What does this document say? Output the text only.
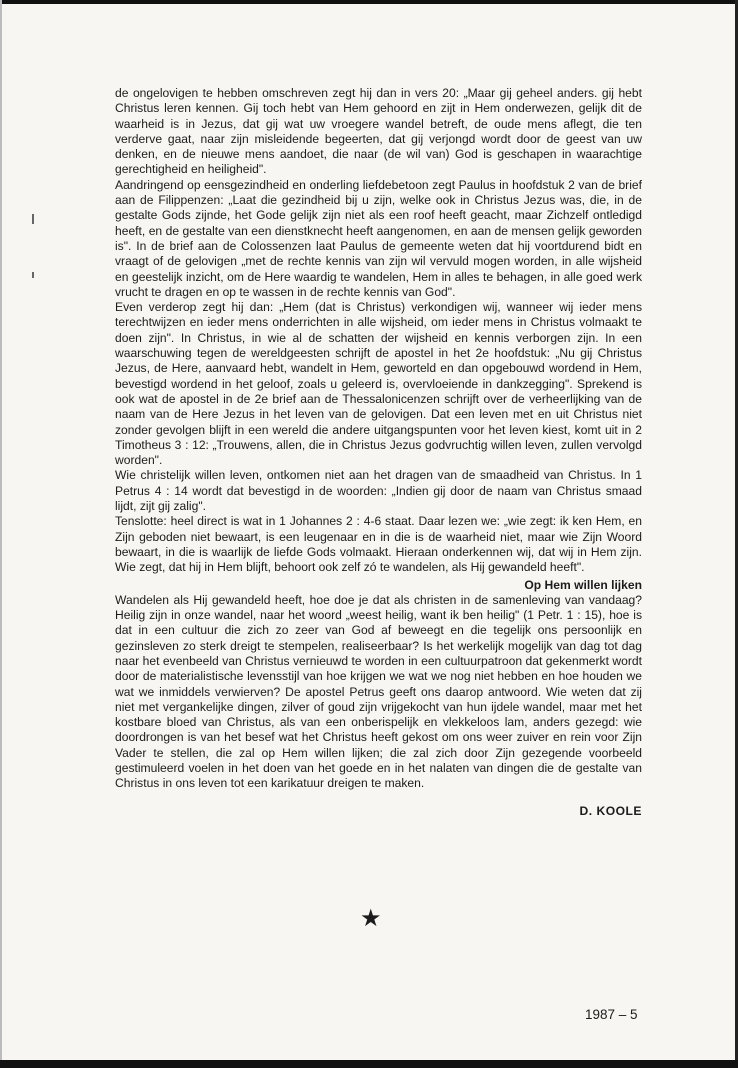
de ongelovigen te hebben omschreven zegt hij dan in vers 20: „Maar gij geheel anders. gij hebt Christus leren kennen. Gij toch hebt van Hem gehoord en zijt in Hem onderwezen, gelijk dit de waarheid is in Jezus, dat gij wat uw vroegere wandel betreft, de oude mens aflegt, die ten verderve gaat, naar zijn misleidende begeerten, dat gij verjongd wordt door de geest van uw denken, en de nieuwe mens aandoet, die naar (de wil van) God is geschapen in waarachtige gerechtigheid en heiligheid".

Aandringend op eensgezindheid en onderling liefdebetoon zegt Paulus in hoofdstuk 2 van de brief aan de Filippenzen: „Laat die gezindheid bij u zijn, welke ook in Christus Jezus was, die, in de gestalte Gods zijnde, het Gode gelijk zijn niet als een roof heeft geacht, maar Zichzelf ontledigd heeft, en de gestalte van een dienstknecht heeft aangenomen, en aan de mensen gelijk geworden is". In de brief aan de Colossenzen laat Paulus de gemeente weten dat hij voortdurend bidt en vraagt of de gelovigen „met de rechte kennis van zijn wil vervuld mogen worden, in alle wijsheid en geestelijk inzicht, om de Here waardig te wandelen, Hem in alles te behagen, in alle goed werk vrucht te dragen en op te wassen in de rechte kennis van God".

Even verderop zegt hij dan: „Hem (dat is Christus) verkondigen wij, wanneer wij ieder mens terechtwijzen en ieder mens onderrichten in alle wijsheid, om ieder mens in Christus volmaakt te doen zijn". In Christus, in wie al de schatten der wijsheid en kennis verborgen zijn. In een waarschuwing tegen de wereldgeesten schrijft de apostel in het 2e hoofdstuk: „Nu gij Christus Jezus, de Here, aanvaard hebt, wandelt in Hem, geworteld en dan opgebouwd wordend in Hem, bevestigd wordend in het geloof, zoals u geleerd is, overvloeiende in dankzegging". Sprekend is ook wat de apostel in de 2e brief aan de Thessalonicenzen schrijft over de verheerlijking van de naam van de Here Jezus in het leven van de gelovigen. Dat een leven met en uit Christus niet zonder gevolgen blijft in een wereld die andere uitgangspunten voor het leven kiest, komt uit in 2 Timotheus 3 : 12: „Trouwens, allen, die in Christus Jezus godvruchtig willen leven, zullen vervolgd worden".

Wie christelijk willen leven, ontkomen niet aan het dragen van de smaadheid van Christus. In 1 Petrus 4 : 14 wordt dat bevestigd in de woorden: „Indien gij door de naam van Christus smaad lijdt, zijt gij zalig".

Tenslotte: heel direct is wat in 1 Johannes 2 : 4-6 staat. Daar lezen we: „wie zegt: ik ken Hem, en Zijn geboden niet bewaart, is een leugenaar en in die is de waarheid niet, maar wie Zijn Woord bewaart, in die is waarlijk de liefde Gods volmaakt. Hieraan onderkennen wij, dat wij in Hem zijn. Wie zegt, dat hij in Hem blijft, behoort ook zelf zó te wandelen, als Hij gewandeld heeft".

Op Hem willen lijken

Wandelen als Hij gewandeld heeft, hoe doe je dat als christen in de samenleving van vandaag? Heilig zijn in onze wandel, naar het woord „weest heilig, want ik ben heilig" (1 Petr. 1 : 15), hoe is dat in een cultuur die zich zo zeer van God af beweegt en die tegelijk ons persoonlijk en gezinsleven zo sterk dreigt te stempelen, realiseerbaar? Is het werkelijk mogelijk van dag tot dag naar het evenbeeld van Christus vernieuwd te worden in een cultuurpatroon dat gekenmerkt wordt door de materialistische levensstijl van hoe krijgen we wat we nog niet hebben en hoe houden we wat we inmiddels verwierven? De apostel Petrus geeft ons daarop antwoord. Wie weten dat zij niet met vergankelijke dingen, zilver of goud zijn vrijgekocht van hun ijdele wandel, maar met het kostbare bloed van Christus, als van een onberispelijk en vlekkeloos lam, anders gezegd: wie doordrongen is van het besef wat het Christus heeft gekost om ons weer zuiver en rein voor Zijn Vader te stellen, die zal op Hem willen lijken; die zal zich door Zijn gezegende voorbeeld gestimuleerd voelen in het doen van het goede en in het nalaten van dingen die de gestalte van Christus in ons leven tot een karikatuur dreigen te maken.

D. KOOLE

★
1987 – 5
